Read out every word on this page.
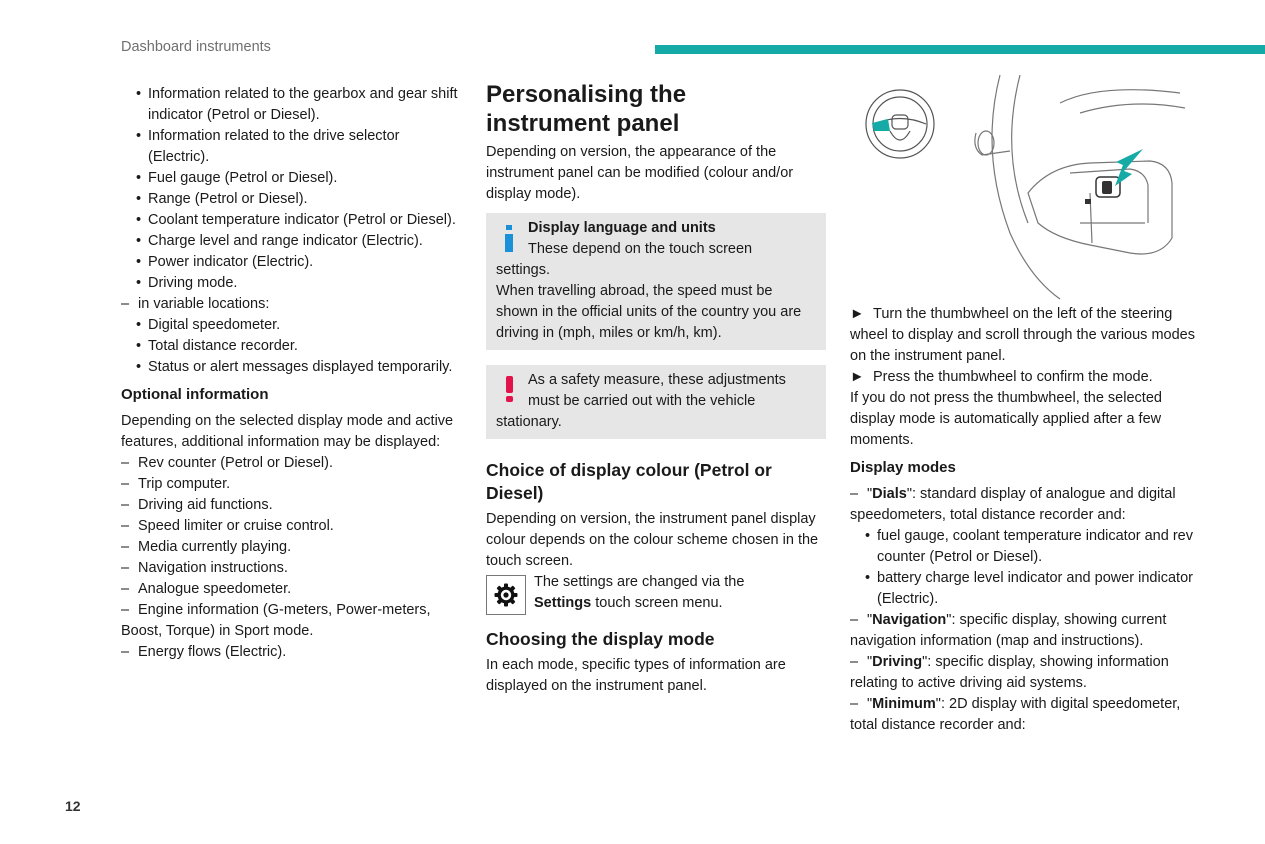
Dashboard instruments
• Information related to the gearbox and gear shift indicator (Petrol or Diesel).
• Information related to the drive selector (Electric).
• Fuel gauge (Petrol or Diesel).
• Range (Petrol or Diesel).
• Coolant temperature indicator (Petrol or Diesel).
• Charge level and range indicator (Electric).
• Power indicator (Electric).
• Driving mode.
– in variable locations:
• Digital speedometer.
• Total distance recorder.
• Status or alert messages displayed temporarily.
Optional information

Depending on the selected display mode and active features, additional information may be displayed:

– Rev counter (Petrol or Diesel).
– Trip computer.
– Driving aid functions.
– Speed limiter or cruise control.
– Media currently playing.
– Navigation instructions.
– Analogue speedometer.
– Engine information (G-meters, Power-meters, Boost, Torque) in Sport mode.
– Energy flows (Electric).
Personalising the
instrument panel

Depending on version, the appearance of the instrument panel can be modified (colour and/or display mode).

Display language and units
These depend on the touch screen
settings.
When travelling abroad, the speed must be shown in the official units of the country you are driving in (mph, miles or km/h, km).
As a safety measure, these adjustments
must be carried out with the vehicle
stationary.
Choice of display colour (Petrol or Diesel)

Depending on version, the instrument panel display colour depends on the colour scheme chosen in the touch screen.

The settings are changed via the
Settings touch screen menu.
Choosing the display mode

In each mode, specific types of information are displayed on the instrument panel.

► Turn the thumbwheel on the left of the steering wheel to display and scroll through the various modes on the instrument panel.
► Press the thumbwheel to confirm the mode.

If you do not press the thumbwheel, the selected display mode is automatically applied after a few moments.

Display modes
– "Dials": standard display of analogue and digital speedometers, total distance recorder and:
• fuel gauge, coolant temperature indicator and rev counter (Petrol or Diesel).
• battery charge level indicator and power indicator (Electric).
– "Navigation": specific display, showing current navigation information (map and instructions).
– "Driving": specific display, showing information relating to active driving aid systems.
– "Minimum": 2D display with digital speedometer, total distance recorder and:
12
